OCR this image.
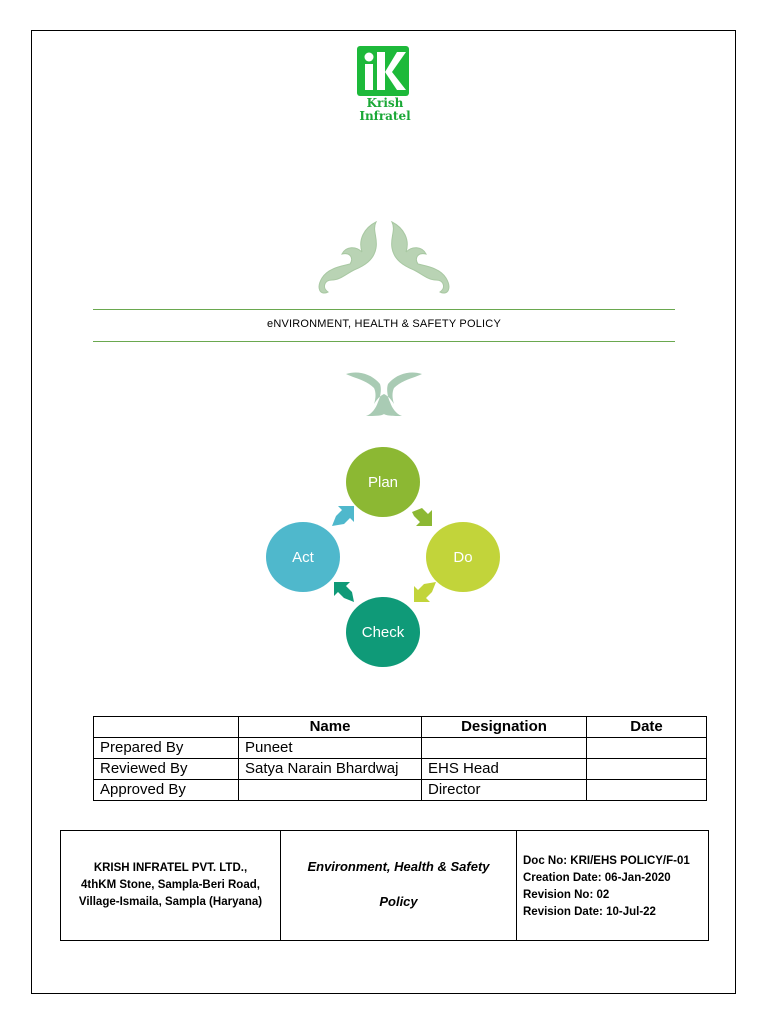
Krish
Infratel
eNVIRONMENT, HEALTH & SAFETY POLICY
Plan
Do
Check
Act
	Name	Designation	Date
Prepared By	Puneet		
Reviewed By	Satya Narain Bhardwaj	EHS Head	
Approved By		Director	
KRISH INFRATEL PVT. LTD.,
4thKM Stone, Sampla-Beri Road,
Village-Ismaila, Sampla (Haryana)
Environment, Health & Safety
Policy
Doc No: KRI/EHS POLICY/F-01
Creation Date: 06-Jan-2020
Revision No: 02
Revision Date: 10-Jul-22
